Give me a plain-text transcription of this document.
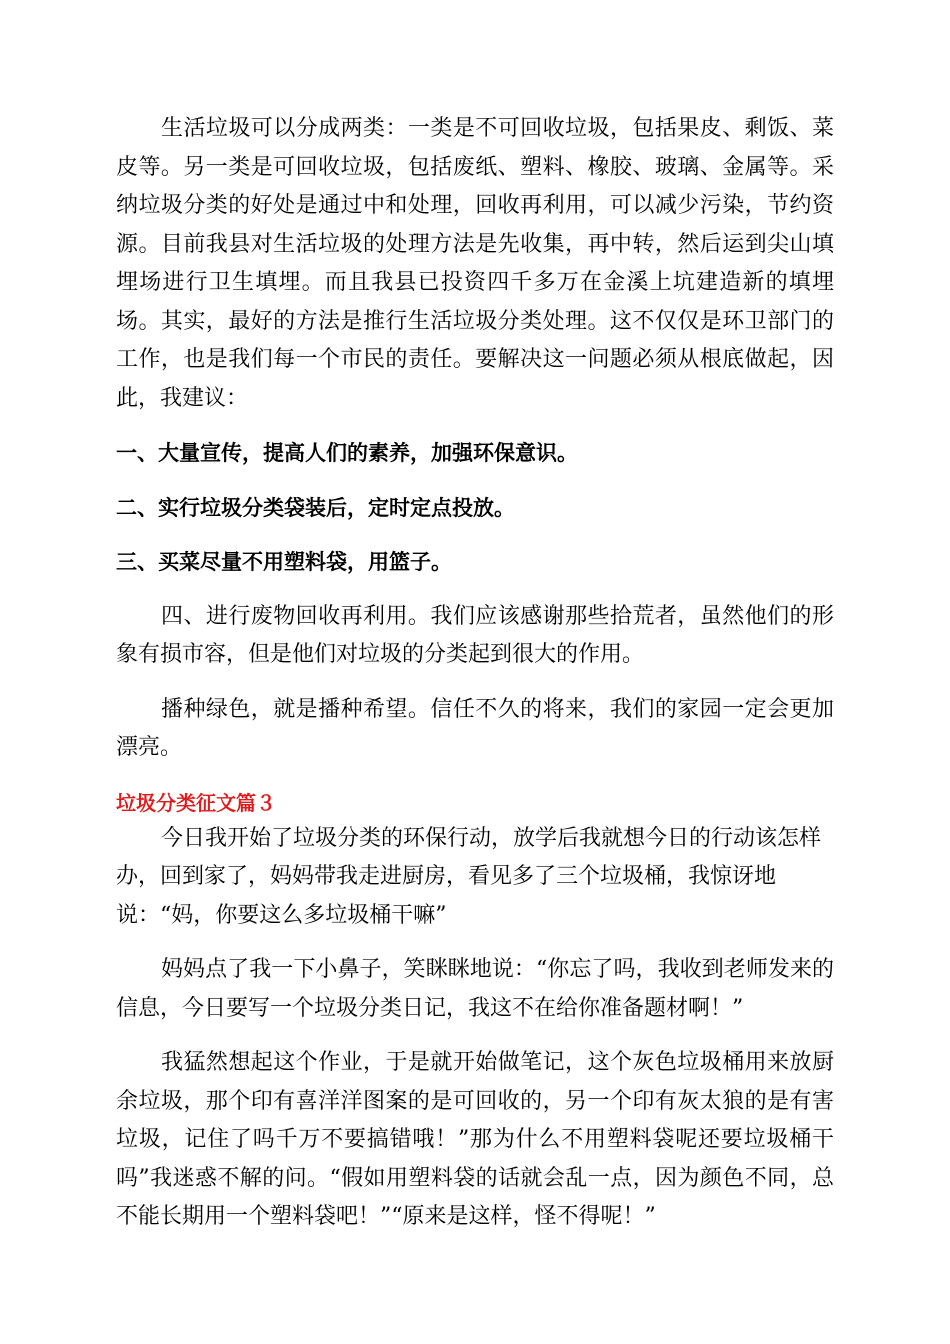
生活垃圾可以分成两类：一类是不可回收垃圾，包括果皮、剩饭、菜皮等。另一类是可回收垃圾，包括废纸、塑料、橡胶、玻璃、金属等。采纳垃圾分类的好处是通过中和处理，回收再利用，可以减少污染，节约资源。目前我县对生活垃圾的处理方法是先收集，再中转，然后运到尖山填埋场进行卫生填埋。而且我县已投资四千多万在金溪上坑建造新的填埋场。其实，最好的方法是推行生活垃圾分类处理。这不仅仅是环卫部门的工作，也是我们每一个市民的责任。要解决这一问题必须从根底做起，因此，我建议：

一、大量宣传，提高人们的素养，加强环保意识。

二、实行垃圾分类袋装后，定时定点投放。

三、买菜尽量不用塑料袋，用篮子。

四、进行废物回收再利用。我们应该感谢那些拾荒者，虽然他们的形象有损市容，但是他们对垃圾的分类起到很大的作用。

播种绿色，就是播种希望。信任不久的将来，我们的家园一定会更加漂亮。

垃圾分类征文篇３

今日我开始了垃圾分类的环保行动，放学后我就想今日的行动该怎样

办，回到家了，妈妈带我走进厨房，看见多了三个垃圾桶，我惊讶地

说：“妈，你要这么多垃圾桶干嘛”

妈妈点了我一下小鼻子，笑眯眯地说：“你忘了吗，我收到老师发来的信息，今日要写一个垃圾分类日记，我这不在给你准备题材啊！”

我猛然想起这个作业，于是就开始做笔记，这个灰色垃圾桶用来放厨余垃圾，那个印有喜洋洋图案的是可回收的，另一个印有灰太狼的是有害垃圾，记住了吗千万不要搞错哦！”那为什么不用塑料袋呢还要垃圾桶干吗”我迷惑不解的问。“假如用塑料袋的话就会乱一点，因为颜色不同，总不能长期用一个塑料袋吧！”“原来是这样，怪不得呢！”
